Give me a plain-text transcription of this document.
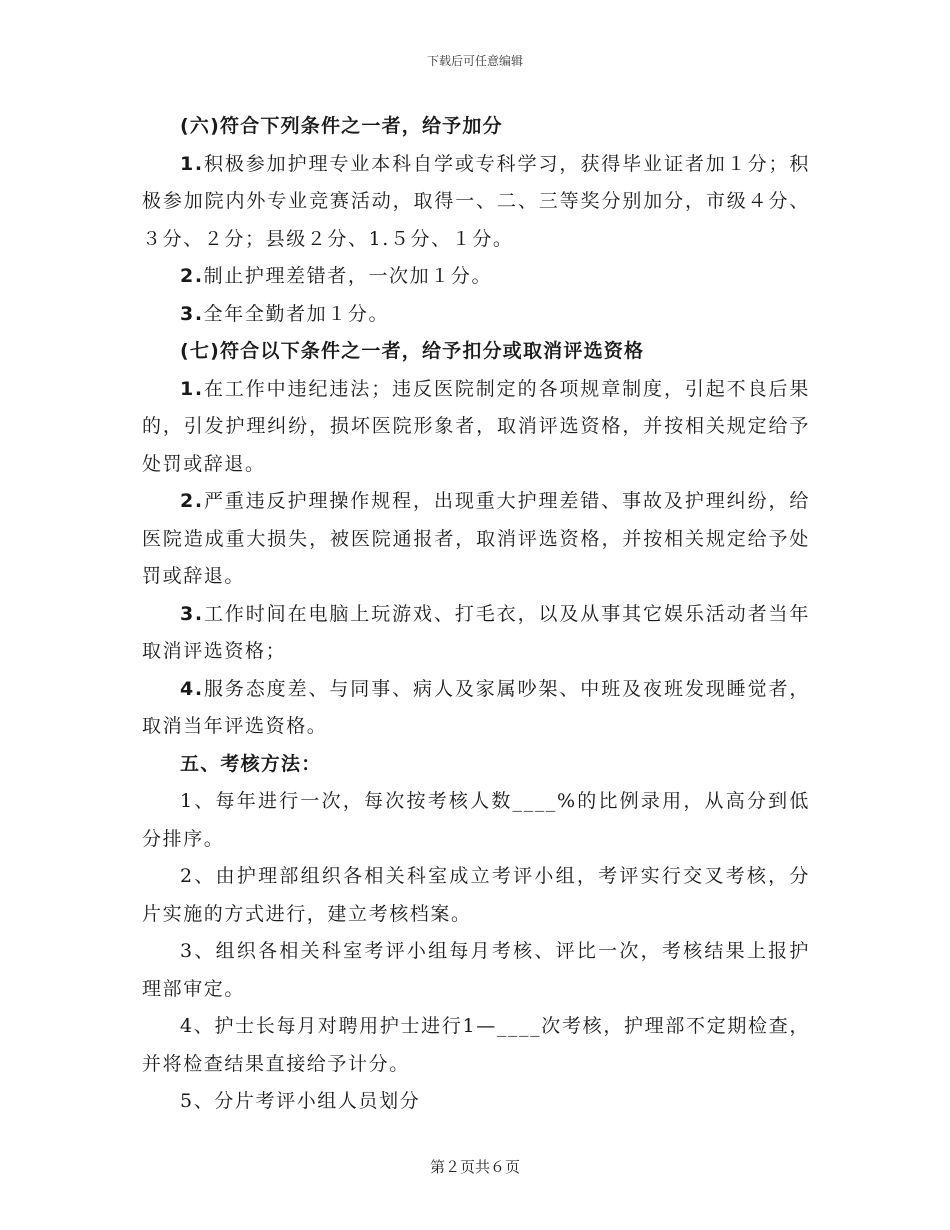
下载后可任意编辑

(六)符合下列条件之一者，给予加分

1.积极参加护理专业本科自学或专科学习，获得毕业证者加１分；积极参加院内外专业竞赛活动，取得一、二、三等奖分别加分，市级４分、３分、２分；县级２分、1.５分、１分。

2.制止护理差错者，一次加１分。

3.全年全勤者加１分。

(七)符合以下条件之一者，给予扣分或取消评选资格

1.在工作中违纪违法；违反医院制定的各项规章制度，引起不良后果的，引发护理纠纷，损坏医院形象者，取消评选资格，并按相关规定给予处罚或辞退。

2.严重违反护理操作规程，出现重大护理差错、事故及护理纠纷，给医院造成重大损失，被医院通报者，取消评选资格，并按相关规定给予处罚或辞退。

3.工作时间在电脑上玩游戏、打毛衣，以及从事其它娱乐活动者当年取消评选资格；

4.服务态度差、与同事、病人及家属吵架、中班及夜班发现睡觉者，取消当年评选资格。

五、考核方法：

1、每年进行一次，每次按考核人数____%的比例录用，从高分到低分排序。

2、由护理部组织各相关科室成立考评小组，考评实行交叉考核，分片实施的方式进行，建立考核档案。

3、组织各相关科室考评小组每月考核、评比一次，考核结果上报护理部审定。

4、护士长每月对聘用护士进行1—____次考核，护理部不定期检查，并将检查结果直接给予计分。

5、分片考评小组人员划分

第２页共６页
